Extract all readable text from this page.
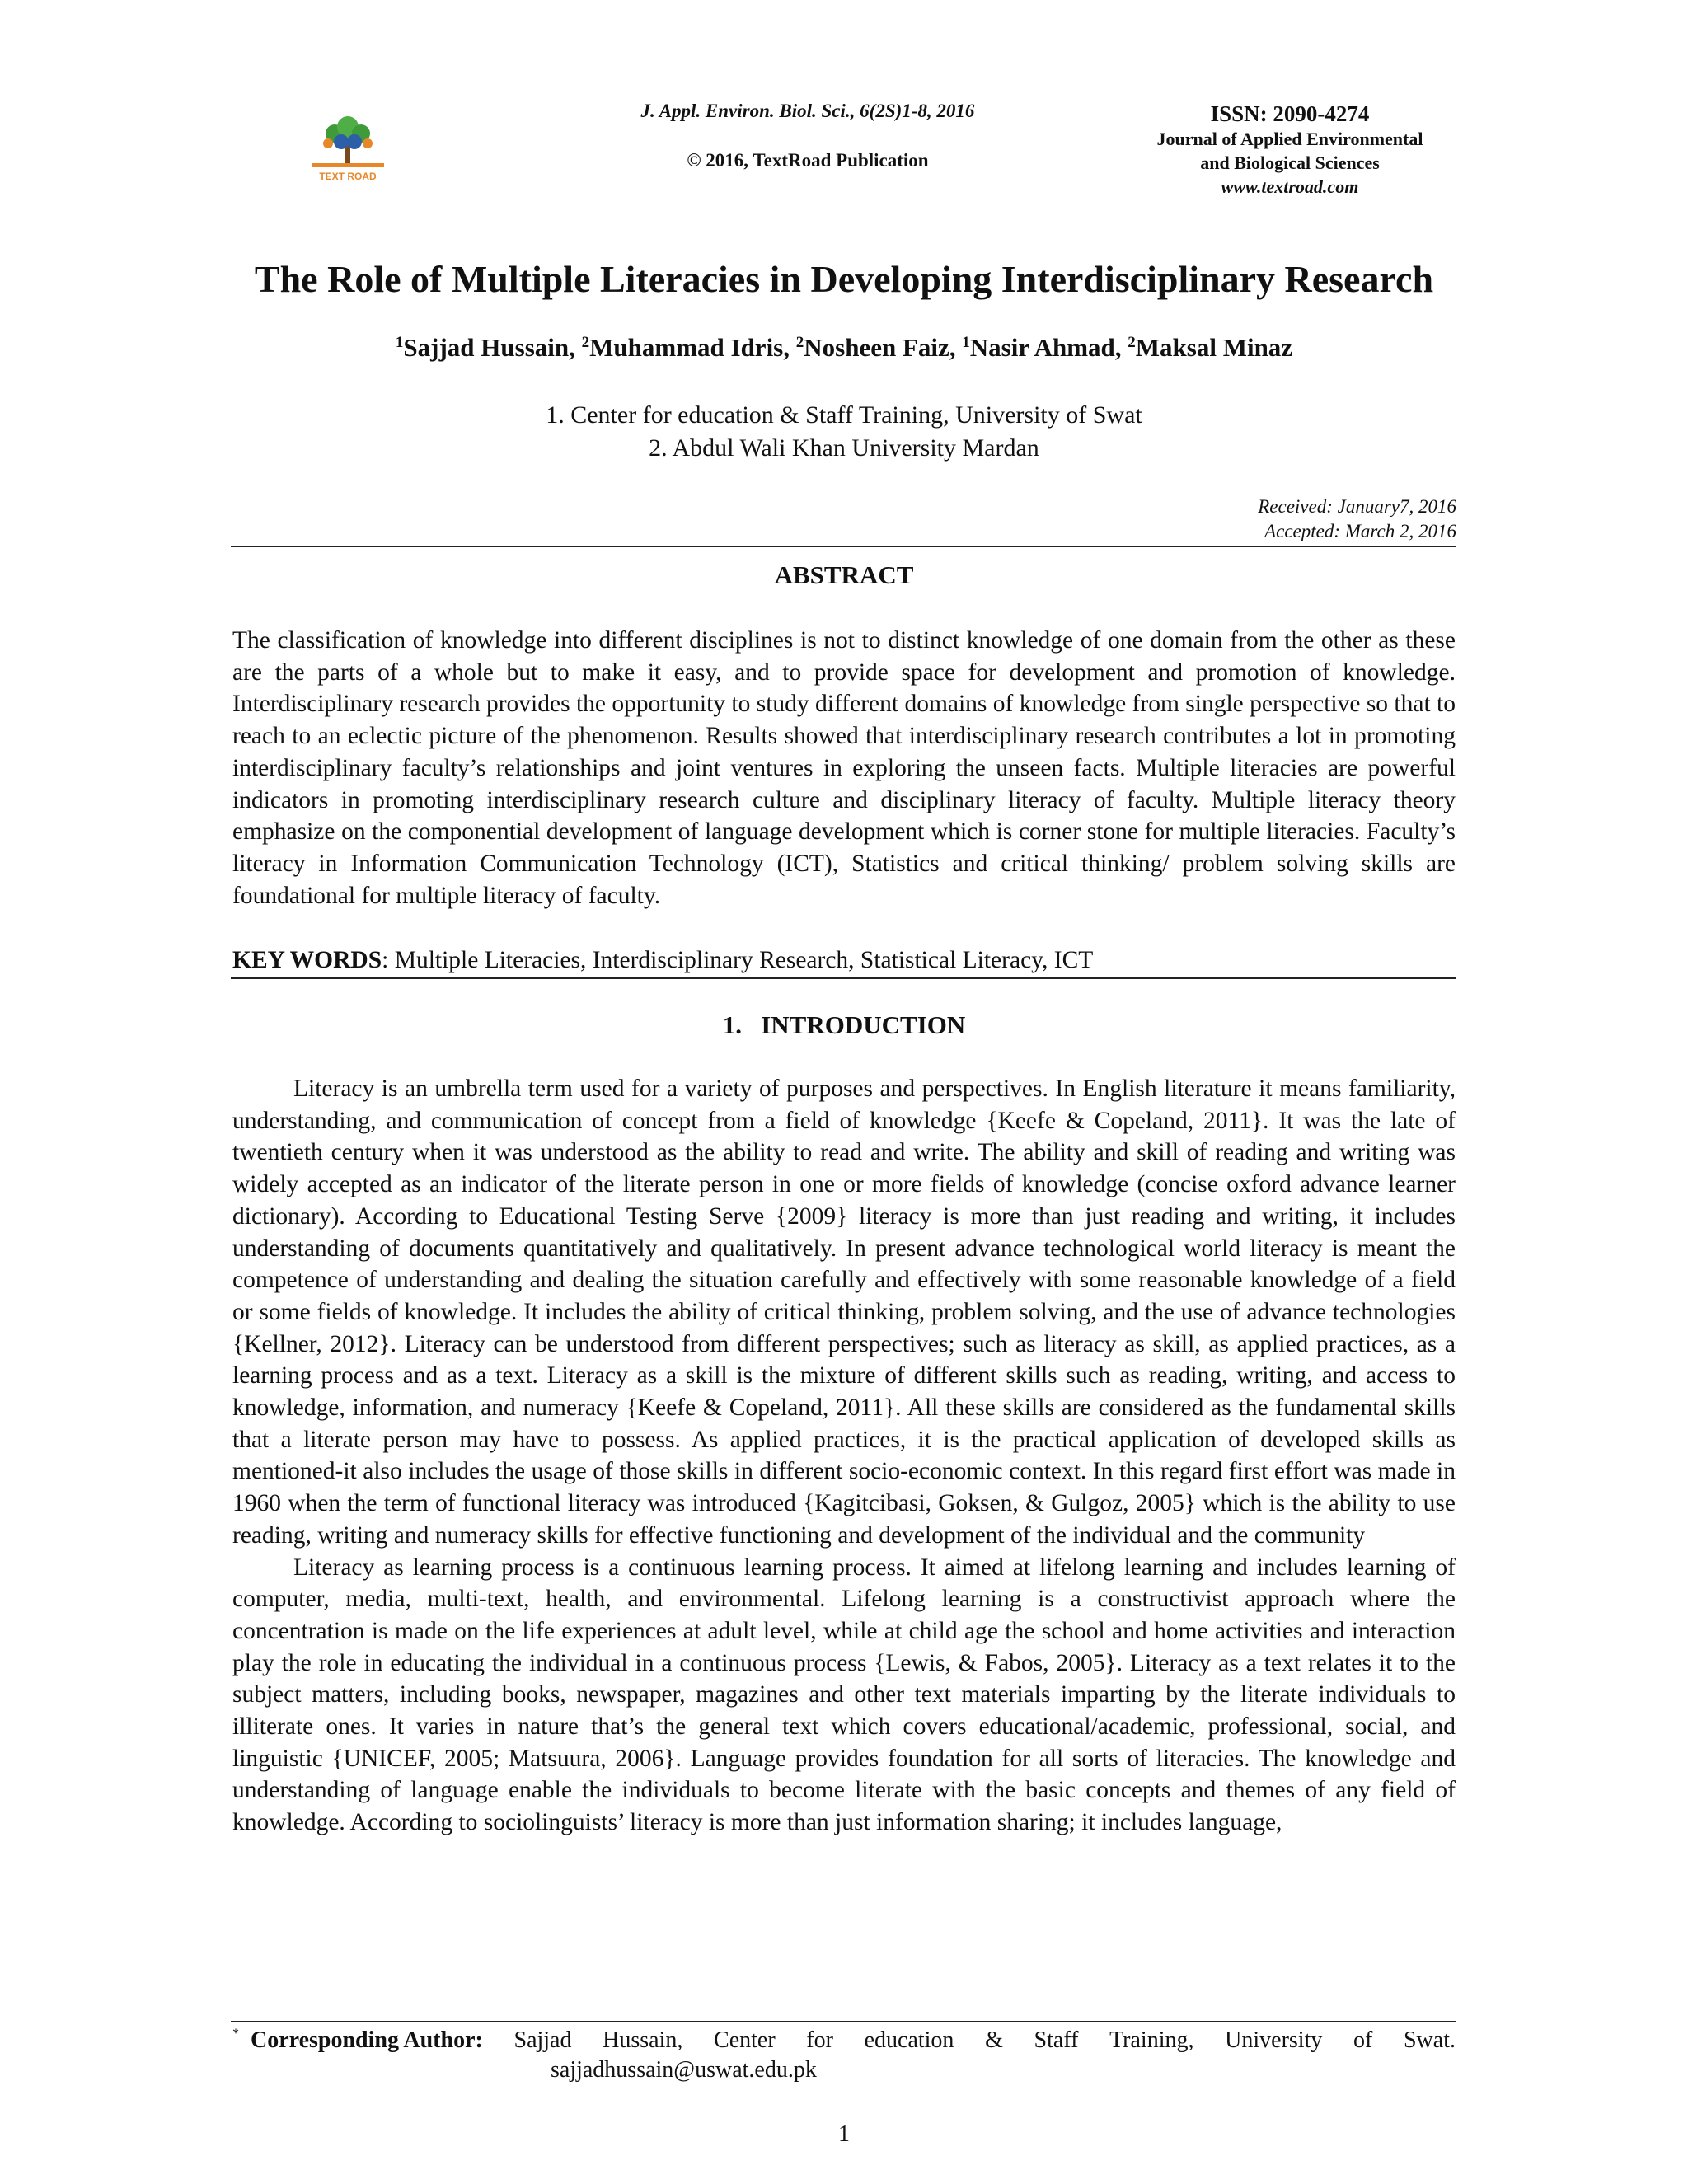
TEXT ROAD
J. Appl. Environ. Biol. Sci., 6(2S)1-8, 2016
© 2016, TextRoad Publication
ISSN: 2090-4274
Journal of Applied Environmental
and Biological Sciences
www.textroad.com
The Role of Multiple Literacies in Developing Interdisciplinary Research
$^1$Sajjad Hussain, $^2$Muhammad Idris, $^2$Nosheen Faiz, $^1$Nasir Ahmad, $^2$Maksal Minaz
1. Center for education & Staff Training, University of Swat
2. Abdul Wali Khan University Mardan
Received: January7, 2016
Accepted: March 2, 2016
ABSTRACT

The classification of knowledge into different disciplines is not to distinct knowledge of one domain from the other as these are the parts of a whole but to make it easy, and to provide space for development and promotion of knowledge. Interdisciplinary research provides the opportunity to study different domains of knowledge from single perspective so that to reach to an eclectic picture of the phenomenon. Results showed that interdisciplinary research contributes a lot in promoting interdisciplinary faculty’s relationships and joint ventures in exploring the unseen facts. Multiple literacies are powerful indicators in promoting interdisciplinary research culture and disciplinary literacy of faculty. Multiple literacy theory emphasize on the componential development of language development which is corner stone for multiple literacies. Faculty’s literacy in Information Communication Technology (ICT), Statistics and critical thinking/ problem solving skills are foundational for multiple literacy of faculty.

KEY WORDS: Multiple Literacies, Interdisciplinary Research, Statistical Literacy, ICT
1.   INTRODUCTION

Literacy is an umbrella term used for a variety of purposes and perspectives. In English literature it means familiarity, understanding, and communication of concept from a field of knowledge {Keefe & Copeland, 2011}. It was the late of twentieth century when it was understood as the ability to read and write. The ability and skill of reading and writing was widely accepted as an indicator of the literate person in one or more fields of knowledge (concise oxford advance learner dictionary). According to Educational Testing Serve {2009} literacy is more than just reading and writing, it includes understanding of documents quantitatively and qualitatively. In present advance technological world literacy is meant the competence of understanding and dealing the situation carefully and effectively with some reasonable knowledge of a field or some fields of knowledge. It includes the ability of critical thinking, problem solving, and the use of advance technologies {Kellner, 2012}. Literacy can be understood from different perspectives; such as literacy as skill, as applied practices, as a learning process and as a text. Literacy as a skill is the mixture of different skills such as reading, writing, and access to knowledge, information, and numeracy {Keefe & Copeland, 2011}. All these skills are considered as the fundamental skills that a literate person may have to possess. As applied practices, it is the practical application of developed skills as mentioned-it also includes the usage of those skills in different socio-economic context. In this regard first effort was made in 1960 when the term of functional literacy was introduced {Kagitcibasi, Goksen, & Gulgoz, 2005} which is the ability to use reading, writing and numeracy skills for effective functioning and development of the individual and the community

Literacy as learning process is a continuous learning process. It aimed at lifelong learning and includes learning of computer, media, multi-text, health, and environmental. Lifelong learning is a constructivist approach where the concentration is made on the life experiences at adult level, while at child age the school and home activities and interaction play the role in educating the individual in a continuous process {Lewis, & Fabos, 2005}. Literacy as a text relates it to the subject matters, including books, newspaper, magazines and other text materials imparting by the literate individuals to illiterate ones. It varies in nature that’s the general text which covers educational/academic, professional, social, and linguistic {UNICEF, 2005; Matsuura, 2006}. Language provides foundation for all sorts of literacies. The knowledge and understanding of language enable the individuals to become literate with the basic concepts and themes of any field of knowledge. According to sociolinguists’ literacy is more than just information sharing; it includes language,

* Corresponding Author: Sajjad Hussain, Center for education & Staff Training, University of Swat.
sajjadhussain@uswat.edu.pk
1
